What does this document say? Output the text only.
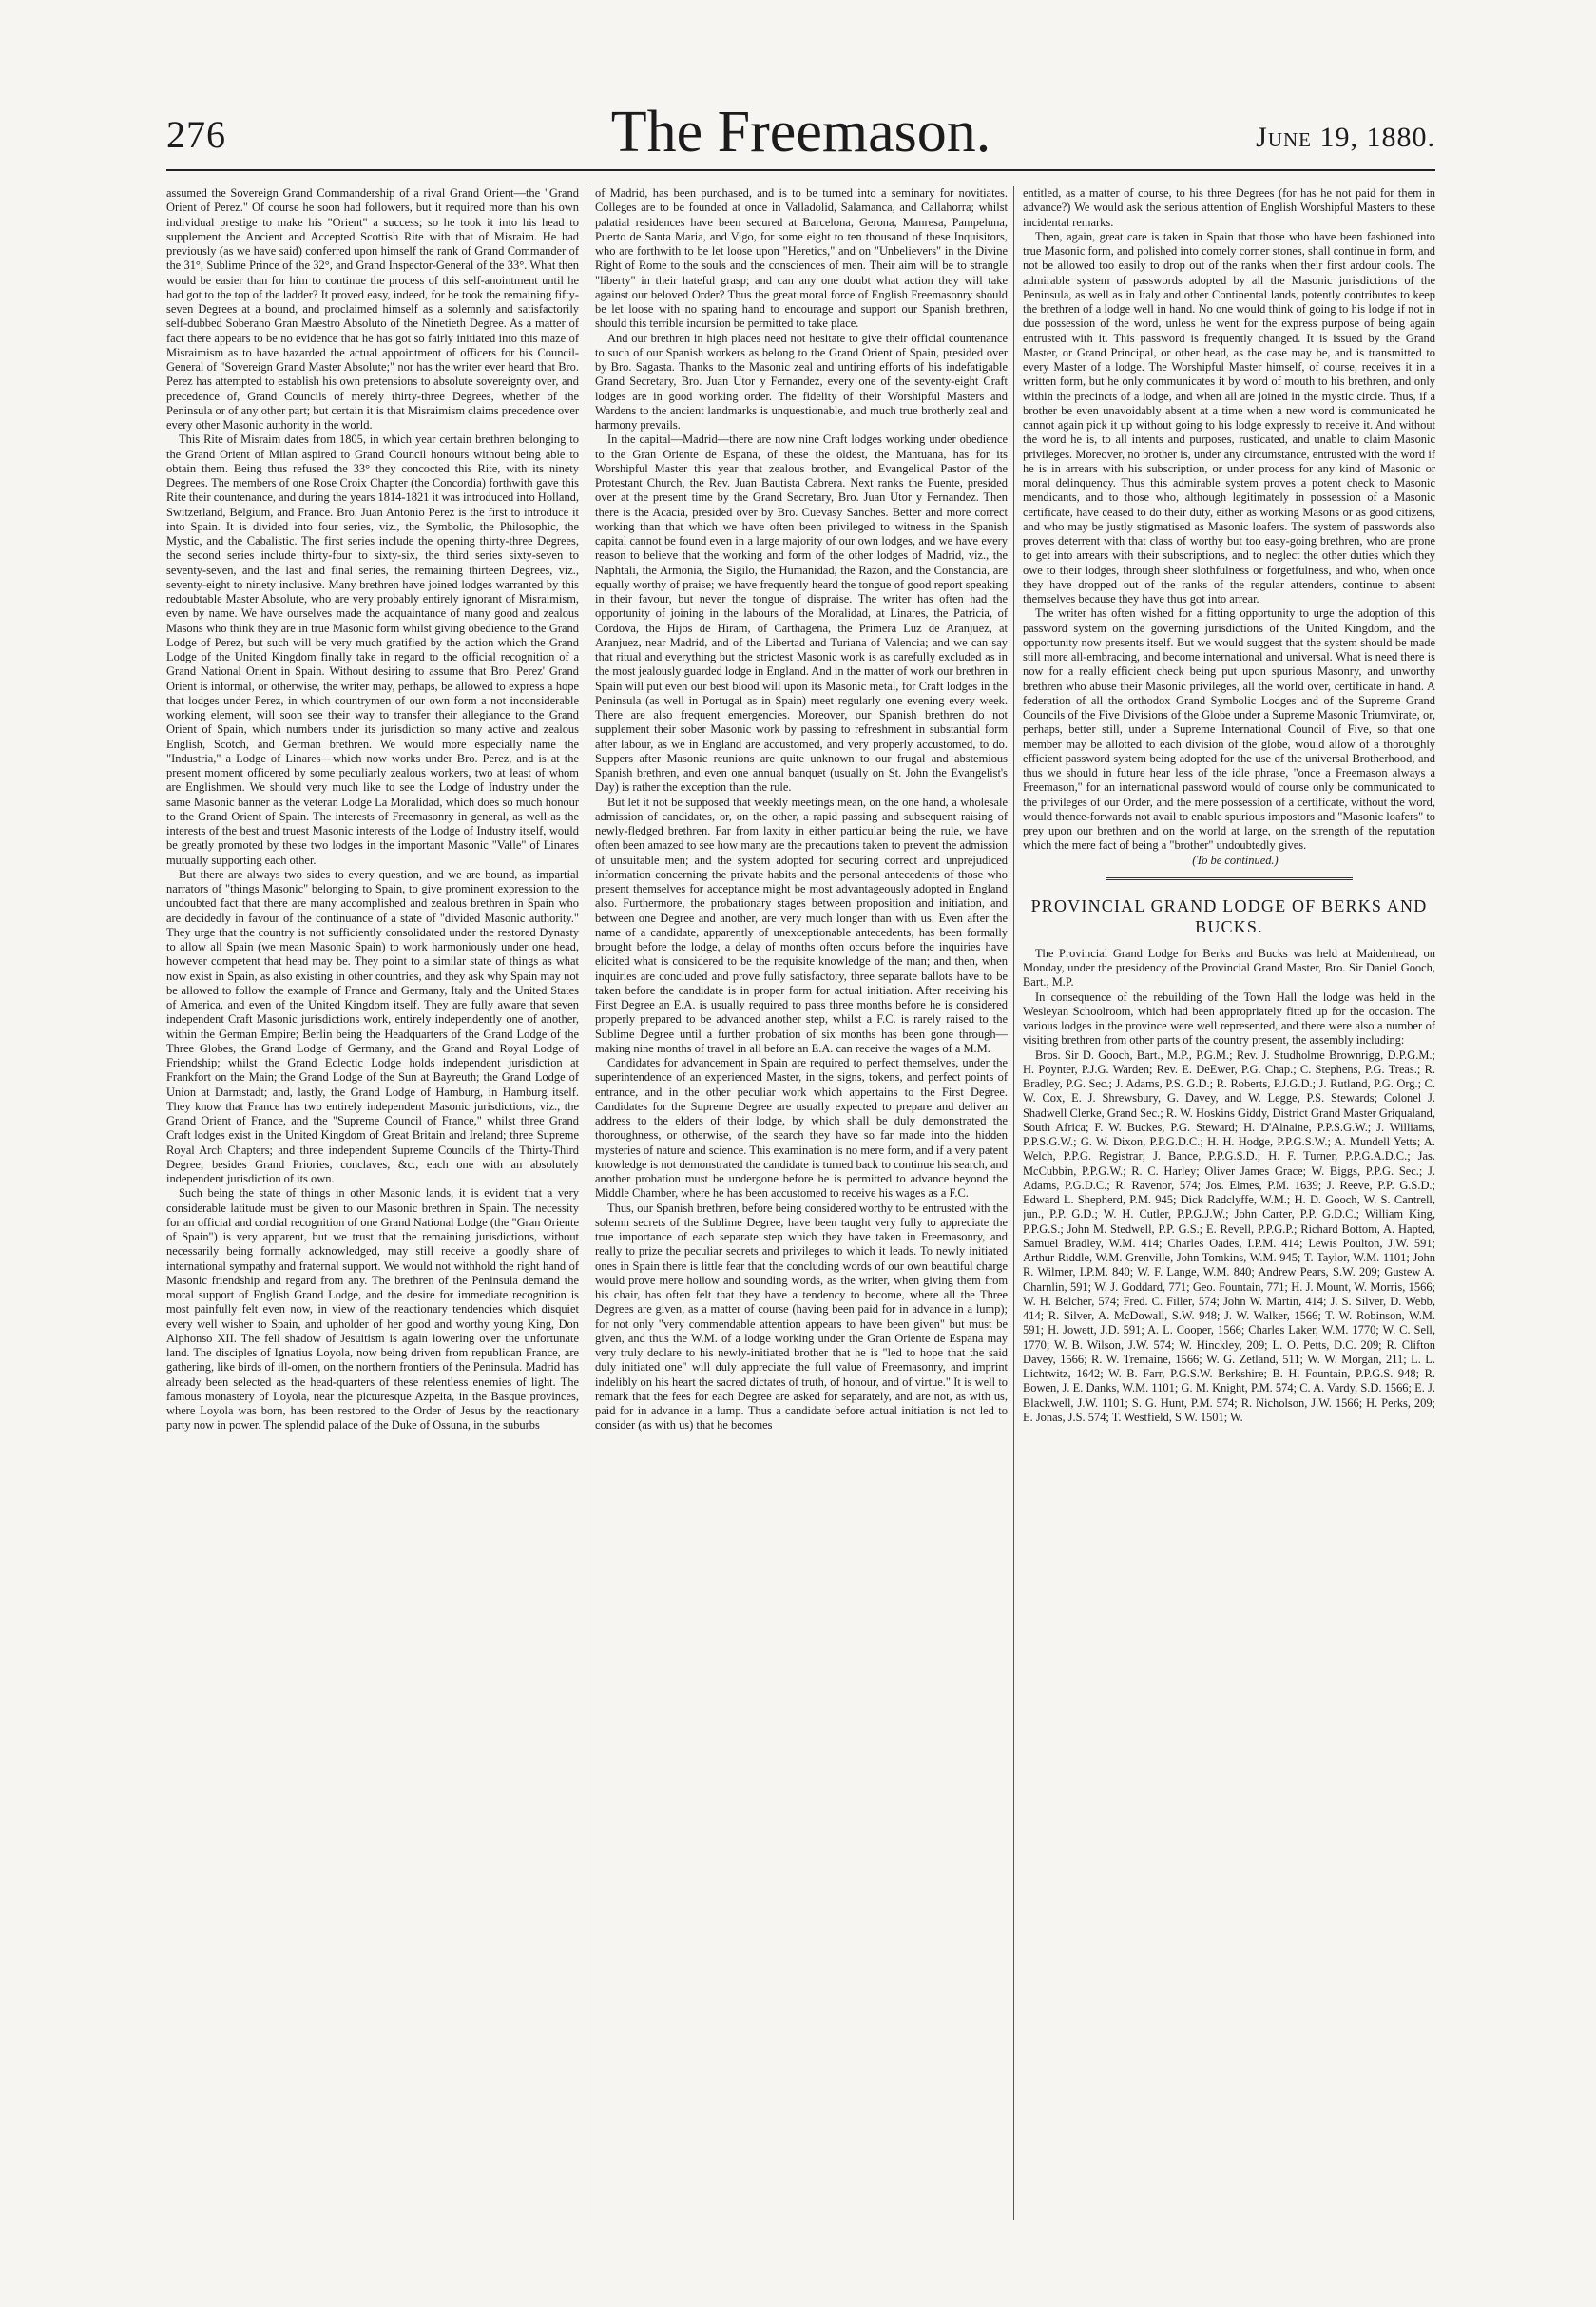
276	The Freemason.	June 19, 1880.

assumed the Sovereign Grand Commandership of a rival Grand Orient—the "Grand Orient of Perez." Of course he soon had followers, but it required more than his own individual prestige to make his "Orient" a success; so he took it into his head to supplement the Ancient and Accepted Scottish Rite with that of Misraim. He had previously (as we have said) conferred upon himself the rank of Grand Commander of the 31°, Sublime Prince of the 32°, and Grand Inspector-General of the 33°. What then would be easier than for him to continue the process of this self-anointment until he had got to the top of the ladder? It proved easy, indeed, for he took the remaining fifty-seven Degrees at a bound, and proclaimed himself as a solemnly and satisfactorily self-dubbed Soberano Gran Maestro Absoluto of the Ninetieth Degree. As a matter of fact there appears to be no evidence that he has got so fairly initiated into this maze of Misraimism as to have hazarded the actual appointment of officers for his Council-General of "Sovereign Grand Master Absolute;" nor has the writer ever heard that Bro. Perez has attempted to establish his own pretensions to absolute sovereignty over, and precedence of, Grand Councils of merely thirty-three Degrees, whether of the Peninsula or of any other part; but certain it is that Misraimism claims precedence over every other Masonic authority in the world.

This Rite of Misraim dates from 1805, in which year certain brethren belonging to the Grand Orient of Milan aspired to Grand Council honours without being able to obtain them. Being thus refused the 33° they concocted this Rite, with its ninety Degrees. The members of one Rose Croix Chapter (the Concordia) forthwith gave this Rite their countenance, and during the years 1814-1821 it was introduced into Holland, Switzerland, Belgium, and France. Bro. Juan Antonio Perez is the first to introduce it into Spain. It is divided into four series, viz., the Symbolic, the Philosophic, the Mystic, and the Cabalistic. The first series include the opening thirty-three Degrees, the second series include thirty-four to sixty-six, the third series sixty-seven to seventy-seven, and the last and final series, the remaining thirteen Degrees, viz., seventy-eight to ninety inclusive. Many brethren have joined lodges warranted by this redoubtable Master Absolute, who are very probably entirely ignorant of Misraimism, even by name. We have ourselves made the acquaintance of many good and zealous Masons who think they are in true Masonic form whilst giving obedience to the Grand Lodge of Perez, but such will be very much gratified by the action which the Grand Lodge of the United Kingdom finally take in regard to the official recognition of a Grand National Orient in Spain. Without desiring to assume that Bro. Perez' Grand Orient is informal, or otherwise, the writer may, perhaps, be allowed to express a hope that lodges under Perez, in which countrymen of our own form a not inconsiderable working element, will soon see their way to transfer their allegiance to the Grand Orient of Spain, which numbers under its jurisdiction so many active and zealous English, Scotch, and German brethren. We would more especially name the "Industria," a Lodge of Linares—which now works under Bro. Perez, and is at the present moment officered by some peculiarly zealous workers, two at least of whom are Englishmen. We should very much like to see the Lodge of Industry under the same Masonic banner as the veteran Lodge La Moralidad, which does so much honour to the Grand Orient of Spain. The interests of Freemasonry in general, as well as the interests of the best and truest Masonic interests of the Lodge of Industry itself, would be greatly promoted by these two lodges in the important Masonic "Valle" of Linares mutually supporting each other.

But there are always two sides to every question, and we are bound, as impartial narrators of "things Masonic" belonging to Spain, to give prominent expression to the undoubted fact that there are many accomplished and zealous brethren in Spain who are decidedly in favour of the continuance of a state of "divided Masonic authority." They urge that the country is not sufficiently consolidated under the restored Dynasty to allow all Spain (we mean Masonic Spain) to work harmoniously under one head, however competent that head may be. They point to a similar state of things as what now exist in Spain, as also existing in other countries, and they ask why Spain may not be allowed to follow the example of France and Germany, Italy and the United States of America, and even of the United Kingdom itself. They are fully aware that seven independent Craft Masonic jurisdictions work, entirely independently one of another, within the German Empire; Berlin being the Headquarters of the Grand Lodge of the Three Globes, the Grand Lodge of Germany, and the Grand and Royal Lodge of Friendship; whilst the Grand Eclectic Lodge holds independent jurisdiction at Frankfort on the Main; the Grand Lodge of the Sun at Bayreuth; the Grand Lodge of Union at Darmstadt; and, lastly, the Grand Lodge of Hamburg, in Hamburg itself. They know that France has two entirely independent Masonic jurisdictions, viz., the Grand Orient of France, and the "Supreme Council of France," whilst three Grand Craft lodges exist in the United Kingdom of Great Britain and Ireland; three Supreme Royal Arch Chapters; and three independent Supreme Councils of the Thirty-Third Degree; besides Grand Priories, conclaves, &c., each one with an absolutely independent jurisdiction of its own.

Such being the state of things in other Masonic lands, it is evident that a very considerable latitude must be given to our Masonic brethren in Spain. The necessity for an official and cordial recognition of one Grand National Lodge (the "Gran Oriente of Spain") is very apparent, but we trust that the remaining jurisdictions, without necessarily being formally acknowledged, may still receive a goodly share of international sympathy and fraternal support. We would not withhold the right hand of Masonic friendship and regard from any. The brethren of the Peninsula demand the moral support of English Grand Lodge, and the desire for immediate recognition is most painfully felt even now, in view of the reactionary tendencies which disquiet every well wisher to Spain, and upholder of her good and worthy young King, Don Alphonso XII. The fell shadow of Jesuitism is again lowering over the unfortunate land. The disciples of Ignatius Loyola, now being driven from republican France, are gathering, like birds of ill-omen, on the northern frontiers of the Peninsula. Madrid has already been selected as the head-quarters of these relentless enemies of light. The famous monastery of Loyola, near the picturesque Azpeita, in the Basque provinces, where Loyola was born, has been restored to the Order of Jesus by the reactionary party now in power. The splendid palace of the Duke of Ossuna, in the suburbs

of Madrid, has been purchased, and is to be turned into a seminary for novitiates. Colleges are to be founded at once in Valladolid, Salamanca, and Callahorra; whilst palatial residences have been secured at Barcelona, Gerona, Manresa, Pampeluna, Puerto de Santa Maria, and Vigo, for some eight to ten thousand of these Inquisitors, who are forthwith to be let loose upon "Heretics," and on "Unbelievers" in the Divine Right of Rome to the souls and the consciences of men. Their aim will be to strangle "liberty" in their hateful grasp; and can any one doubt what action they will take against our beloved Order? Thus the great moral force of English Freemasonry should be let loose with no sparing hand to encourage and support our Spanish brethren, should this terrible incursion be permitted to take place.

And our brethren in high places need not hesitate to give their official countenance to such of our Spanish workers as belong to the Grand Orient of Spain, presided over by Bro. Sagasta. Thanks to the Masonic zeal and untiring efforts of his indefatigable Grand Secretary, Bro. Juan Utor y Fernandez, every one of the seventy-eight Craft lodges are in good working order. The fidelity of their Worshipful Masters and Wardens to the ancient landmarks is unquestionable, and much true brotherly zeal and harmony prevails.

In the capital—Madrid—there are now nine Craft lodges working under obedience to the Gran Oriente de Espana, of these the oldest, the Mantuana, has for its Worshipful Master this year that zealous brother, and Evangelical Pastor of the Protestant Church, the Rev. Juan Bautista Cabrera. Next ranks the Puente, presided over at the present time by the Grand Secretary, Bro. Juan Utor y Fernandez. Then there is the Acacia, presided over by Bro. Cuevasy Sanches. Better and more correct working than that which we have often been privileged to witness in the Spanish capital cannot be found even in a large majority of our own lodges, and we have every reason to believe that the working and form of the other lodges of Madrid, viz., the Naphtali, the Armonia, the Sigilo, the Humanidad, the Razon, and the Constancia, are equally worthy of praise; we have frequently heard the tongue of good report speaking in their favour, but never the tongue of dispraise. The writer has often had the opportunity of joining in the labours of the Moralidad, at Linares, the Patricia, of Cordova, the Hijos de Hiram, of Carthagena, the Primera Luz de Aranjuez, at Aranjuez, near Madrid, and of the Libertad and Turiana of Valencia; and we can say that ritual and everything but the strictest Masonic work is as carefully excluded as in the most jealously guarded lodge in England. And in the matter of work our brethren in Spain will put even our best blood will upon its Masonic metal, for Craft lodges in the Peninsula (as well in Portugal as in Spain) meet regularly one evening every week. There are also frequent emergencies. Moreover, our Spanish brethren do not supplement their sober Masonic work by passing to refreshment in substantial form after labour, as we in England are accustomed, and very properly accustomed, to do. Suppers after Masonic reunions are quite unknown to our frugal and abstemious Spanish brethren, and even one annual banquet (usually on St. John the Evangelist's Day) is rather the exception than the rule.

But let it not be supposed that weekly meetings mean, on the one hand, a wholesale admission of candidates, or, on the other, a rapid passing and subsequent raising of newly-fledged brethren. Far from laxity in either particular being the rule, we have often been amazed to see how many are the precautions taken to prevent the admission of unsuitable men; and the system adopted for securing correct and unprejudiced information concerning the private habits and the personal antecedents of those who present themselves for acceptance might be most advantageously adopted in England also. Furthermore, the probationary stages between proposition and initiation, and between one Degree and another, are very much longer than with us. Even after the name of a candidate, apparently of unexceptionable antecedents, has been formally brought before the lodge, a delay of months often occurs before the inquiries have elicited what is considered to be the requisite knowledge of the man; and then, when inquiries are concluded and prove fully satisfactory, three separate ballots have to be taken before the candidate is in proper form for actual initiation. After receiving his First Degree an E.A. is usually required to pass three months before he is considered properly prepared to be advanced another step, whilst a F.C. is rarely raised to the Sublime Degree until a further probation of six months has been gone through—making nine months of travel in all before an E.A. can receive the wages of a M.M.

Candidates for advancement in Spain are required to perfect themselves, under the superintendence of an experienced Master, in the signs, tokens, and perfect points of entrance, and in the other peculiar work which appertains to the First Degree. Candidates for the Supreme Degree are usually expected to prepare and deliver an address to the elders of their lodge, by which shall be duly demonstrated the thoroughness, or otherwise, of the search they have so far made into the hidden mysteries of nature and science. This examination is no mere form, and if a very patent knowledge is not demonstrated the candidate is turned back to continue his search, and another probation must be undergone before he is permitted to advance beyond the Middle Chamber, where he has been accustomed to receive his wages as a F.C.

Thus, our Spanish brethren, before being considered worthy to be entrusted with the solemn secrets of the Sublime Degree, have been taught very fully to appreciate the true importance of each separate step which they have taken in Freemasonry, and really to prize the peculiar secrets and privileges to which it leads. To newly initiated ones in Spain there is little fear that the concluding words of our own beautiful charge would prove mere hollow and sounding words, as the writer, when giving them from his chair, has often felt that they have a tendency to become, where all the Three Degrees are given, as a matter of course (having been paid for in advance in a lump); for not only "very commendable attention appears to have been given" but must be given, and thus the W.M. of a lodge working under the Gran Oriente de Espana may very truly declare to his newly-initiated brother that he is "led to hope that the said duly initiated one" will duly appreciate the full value of Freemasonry, and imprint indelibly on his heart the sacred dictates of truth, of honour, and of virtue." It is well to remark that the fees for each Degree are asked for separately, and are not, as with us, paid for in advance in a lump. Thus a candidate before actual initiation is not led to consider (as with us) that he becomes

entitled, as a matter of course, to his three Degrees (for has he not paid for them in advance?) We would ask the serious attention of English Worshipful Masters to these incidental remarks.

Then, again, great care is taken in Spain that those who have been fashioned into true Masonic form, and polished into comely corner stones, shall continue in form, and not be allowed too easily to drop out of the ranks when their first ardour cools. The admirable system of passwords adopted by all the Masonic jurisdictions of the Peninsula, as well as in Italy and other Continental lands, potently contributes to keep the brethren of a lodge well in hand. No one would think of going to his lodge if not in due possession of the word, unless he went for the express purpose of being again entrusted with it. This password is frequently changed. It is issued by the Grand Master, or Grand Principal, or other head, as the case may be, and is transmitted to every Master of a lodge. The Worshipful Master himself, of course, receives it in a written form, but he only communicates it by word of mouth to his brethren, and only within the precincts of a lodge, and when all are joined in the mystic circle. Thus, if a brother be even unavoidably absent at a time when a new word is communicated he cannot again pick it up without going to his lodge expressly to receive it. And without the word he is, to all intents and purposes, rusticated, and unable to claim Masonic privileges. Moreover, no brother is, under any circumstance, entrusted with the word if he is in arrears with his subscription, or under process for any kind of Masonic or moral delinquency. Thus this admirable system proves a potent check to Masonic mendicants, and to those who, although legitimately in possession of a Masonic certificate, have ceased to do their duty, either as working Masons or as good citizens, and who may be justly stigmatised as Masonic loafers. The system of passwords also proves deterrent with that class of worthy but too easy-going brethren, who are prone to get into arrears with their subscriptions, and to neglect the other duties which they owe to their lodges, through sheer slothfulness or forgetfulness, and who, when once they have dropped out of the ranks of the regular attenders, continue to absent themselves because they have thus got into arrear.

The writer has often wished for a fitting opportunity to urge the adoption of this password system on the governing jurisdictions of the United Kingdom, and the opportunity now presents itself. But we would suggest that the system should be made still more all-embracing, and become international and universal. What is need there is now for a really efficient check being put upon spurious Masonry, and unworthy brethren who abuse their Masonic privileges, all the world over, certificate in hand. A federation of all the orthodox Grand Symbolic Lodges and of the Supreme Grand Councils of the Five Divisions of the Globe under a Supreme Masonic Triumvirate, or, perhaps, better still, under a Supreme International Council of Five, so that one member may be allotted to each division of the globe, would allow of a thoroughly efficient password system being adopted for the use of the universal Brotherhood, and thus we should in future hear less of the idle phrase, "once a Freemason always a Freemason," for an international password would of course only be communicated to the privileges of our Order, and the mere possession of a certificate, without the word, would thence-forwards not avail to enable spurious impostors and "Masonic loafers" to prey upon our brethren and on the world at large, on the strength of the reputation which the mere fact of being a "brother" undoubtedly gives.

(To be continued.)

PROVINCIAL GRAND LODGE OF BERKS AND BUCKS.

The Provincial Grand Lodge for Berks and Bucks was held at Maidenhead, on Monday, under the presidency of the Provincial Grand Master, Bro. Sir Daniel Gooch, Bart., M.P.

In consequence of the rebuilding of the Town Hall the lodge was held in the Wesleyan Schoolroom, which had been appropriately fitted up for the occasion. The various lodges in the province were well represented, and there were also a number of visiting brethren from other parts of the country present, the assembly including:

Bros. Sir D. Gooch, Bart., M.P., P.G.M.; Rev. J. Studholme Brownrigg, D.P.G.M.; H. Poynter, P.J.G. Warden; Rev. E. DeEwer, P.G. Chap.; C. Stephens, P.G. Treas.; R. Bradley, P.G. Sec.; J. Adams, P.S. G.D.; R. Roberts, P.J.G.D.; J. Rutland, P.G. Org.; C. W. Cox, E. J. Shrewsbury, G. Davey, and W. Legge, P.S. Stewards; Colonel J. Shadwell Clerke, Grand Sec.; R. W. Hoskins Giddy, District Grand Master Griqualand, South Africa; F. W. Buckes, P.G. Steward; H. D'Alnaine, P.P.S.G.W.; J. Williams, P.P.S.G.W.; G. W. Dixon, P.P.G.D.C.; H. H. Hodge, P.P.G.S.W.; A. Mundell Yetts; A. Welch, P.P.G. Registrar; J. Bance, P.P.G.S.D.; H. F. Turner, P.P.G.A.D.C.; Jas. McCubbin, P.P.G.W.; R. C. Harley; Oliver James Grace; W. Biggs, P.P.G. Sec.; J. Adams, P.G.D.C.; R. Ravenor, 574; Jos. Elmes, P.M. 1639; J. Reeve, P.P. G.S.D.; Edward L. Shepherd, P.M. 945; Dick Radclyffe, W.M.; H. D. Gooch, W. S. Cantrell, jun., P.P. G.D.; W. H. Cutler, P.P.G.J.W.; John Carter, P.P. G.D.C.; William King, P.P.G.S.; John M. Stedwell, P.P. G.S.; E. Revell, P.P.G.P.; Richard Bottom, A. Hapted, Samuel Bradley, W.M. 414; Charles Oades, I.P.M. 414; Lewis Poulton, J.W. 591; Arthur Riddle, W.M. Grenville, John Tomkins, W.M. 945; T. Taylor, W.M. 1101; John R. Wilmer, I.P.M. 840; W. F. Lange, W.M. 840; Andrew Pears, S.W. 209; Gustew A. Charnlin, 591; W. J. Goddard, 771; Geo. Fountain, 771; H. J. Mount, W. Morris, 1566; W. H. Belcher, 574; Fred. C. Filler, 574; John W. Martin, 414; J. S. Silver, D. Webb, 414; R. Silver, A. McDowall, S.W. 948; J. W. Walker, 1566; T. W. Robinson, W.M. 591; H. Jowett, J.D. 591; A. L. Cooper, 1566; Charles Laker, W.M. 1770; W. C. Sell, 1770; W. B. Wilson, J.W. 574; W. Hinckley, 209; L. O. Petts, D.C. 209; R. Clifton Davey, 1566; R. W. Tremaine, 1566; W. G. Zetland, 511; W. W. Morgan, 211; L. L. Lichtwitz, 1642; W. B. Farr, P.G.S.W. Berkshire; B. H. Fountain, P.P.G.S. 948; R. Bowen, J. E. Danks, W.M. 1101; G. M. Knight, P.M. 574; C. A. Vardy, S.D. 1566; E. J. Blackwell, J.W. 1101; S. G. Hunt, P.M. 574; R. Nicholson, J.W. 1566; H. Perks, 209; E. Jonas, J.S. 574; T. Westfield, S.W. 1501; W.
